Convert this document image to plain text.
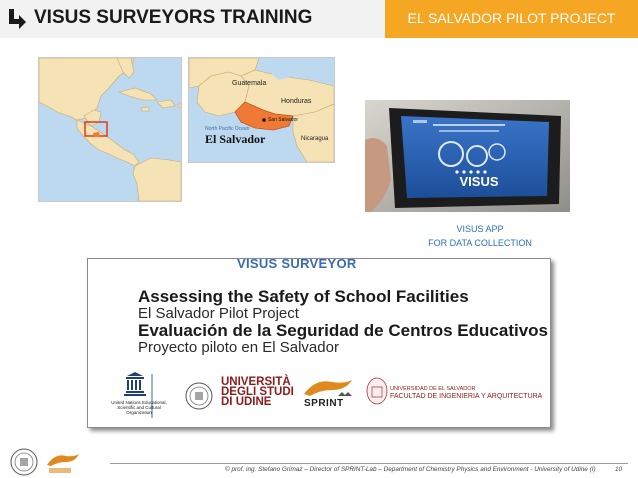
VISUS SURVEYORS TRAINING	EL SALVADOR PILOT PROJECT
Guatemala
Honduras
San Salvador
North Pacific Ocean
Nicaragua
El Salvador
VISUS
VISUS APP
FOR DATA COLLECTION
VISUS SURVEYOR
Assessing the Safety of School Facilities
El Salvador Pilot Project
Evaluación de la Seguridad de Centros Educativos
Proyecto piloto en El Salvador
United Nations Educational, Scientific and Cultural Organization
UNIVERSITÀ
DEGLI STUDI
DI UDINE	SPRINT
UNIVERSIDAD DE EL SALVADOR
FACULTAD DE INGENIERIA Y ARQUITECTURA
© prof. ing. Stefano Grimaz – Director of SPRINT-Lab – Department of Chemistry Physics and Environment - University of Udine (I)	10
